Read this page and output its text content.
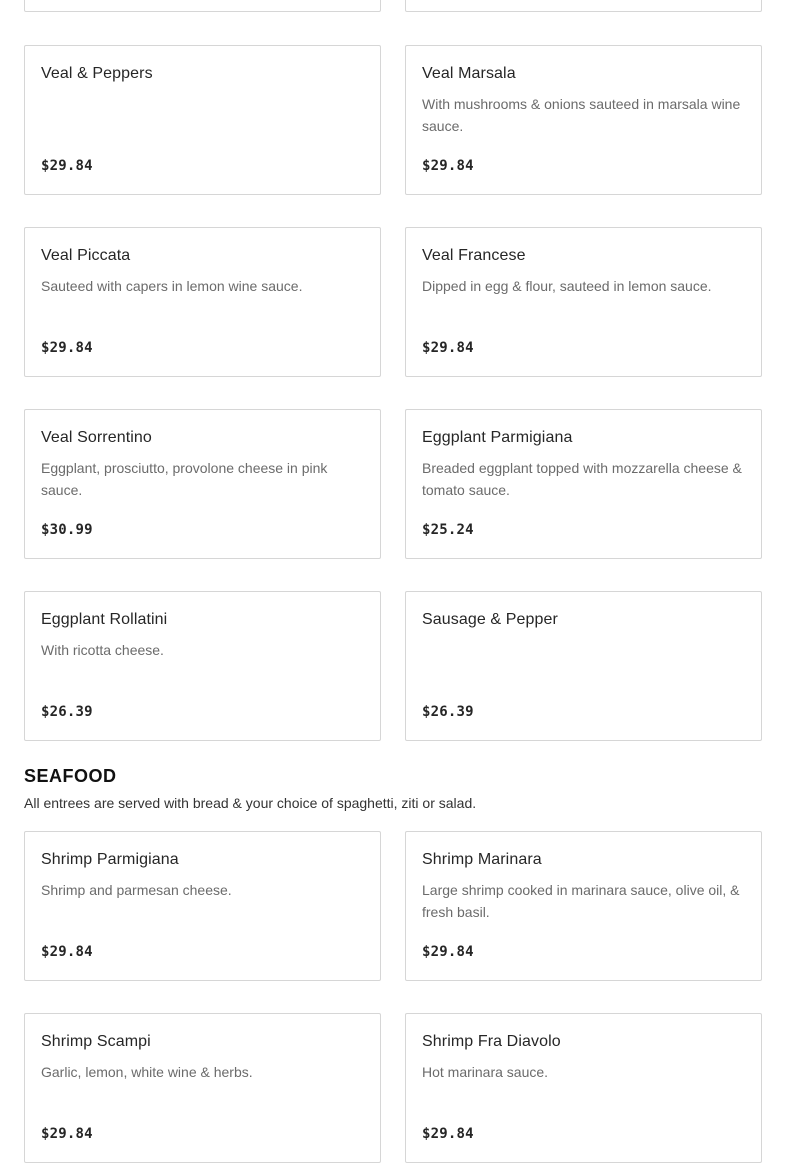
Veal & Peppers
$29.84
Veal Marsala
With mushrooms & onions sauteed in marsala wine sauce.
$29.84
Veal Piccata
Sauteed with capers in lemon wine sauce.
$29.84
Veal Francese
Dipped in egg & flour, sauteed in lemon sauce.
$29.84
Veal Sorrentino
Eggplant, prosciutto, provolone cheese in pink sauce.
$30.99
Eggplant Parmigiana
Breaded eggplant topped with mozzarella cheese & tomato sauce.
$25.24
Eggplant Rollatini
With ricotta cheese.
$26.39
Sausage & Pepper
$26.39
SEAFOOD
All entrees are served with bread & your choice of spaghetti, ziti or salad.
Shrimp Parmigiana
Shrimp and parmesan cheese.
$29.84
Shrimp Marinara
Large shrimp cooked in marinara sauce, olive oil, & fresh basil.
$29.84
Shrimp Scampi
Garlic, lemon, white wine & herbs.
$29.84
Shrimp Fra Diavolo
Hot marinara sauce.
$29.84
